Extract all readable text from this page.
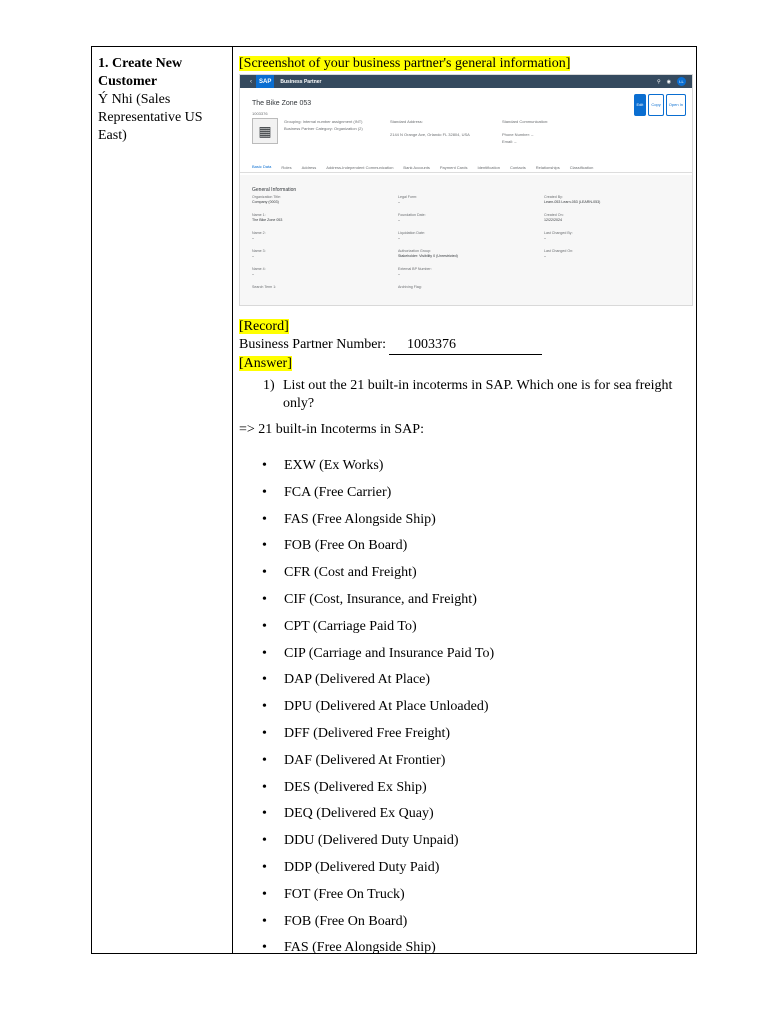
1. Create New Customer
Ý Nhi (Sales Representative US East)
[Screenshot of your business partner's general information]
‹	SAP	Business Partner	⚲ ◉	LL
The Bike Zone 053
1003376
▦
Grouping: Internal number assignment (INT)
Business Partner Category: Organization (2)
Standard Address:
2144 N Orange Ave, Orlando FL 32804, USA
Standard Communication:
Phone Number: –
Email: –
Edit	Copy	Open In
Basic Data	Roles	Address	Address-Independent Communication	Bank Accounts	Payment Cards	Identification	Contacts	Relationships	Classification
General Information
Organization Title:
Company (0003)
Legal Form:
–
Created By:
Learn-053 Learn-053 (LEARN-053)
Name 1:
The Bike Zone 053
Foundation Date:
–
Created On:
12/22/2024
Name 2:
–
Liquidation Date:
–
Last Changed By:
–
Name 3:
–
Authorization Group:
Stakeholder: Visibility 0 (Unrestricted)
Last Changed On:
–
Name 4:
–
External BP Number:
–
Search Term 1:	Archiving Flag:
[Record]
Business Partner Number:	1003376
[Answer]
1) List out the 21 built-in incoterms in SAP. Which one is for sea freight only?
=> 21 built-in Incoterms in SAP:
• EXW (Ex Works)
• FCA (Free Carrier)
• FAS (Free Alongside Ship)
• FOB (Free On Board)
• CFR (Cost and Freight)
• CIF (Cost, Insurance, and Freight)
• CPT (Carriage Paid To)
• CIP (Carriage and Insurance Paid To)
• DAP (Delivered At Place)
• DPU (Delivered At Place Unloaded)
• DFF (Delivered Free Freight)
• DAF (Delivered At Frontier)
• DES (Delivered Ex Ship)
• DEQ (Delivered Ex Quay)
• DDU (Delivered Duty Unpaid)
• DDP (Delivered Duty Paid)
• FOT (Free On Truck)
• FOB (Free On Board)
• FAS (Free Alongside Ship)
